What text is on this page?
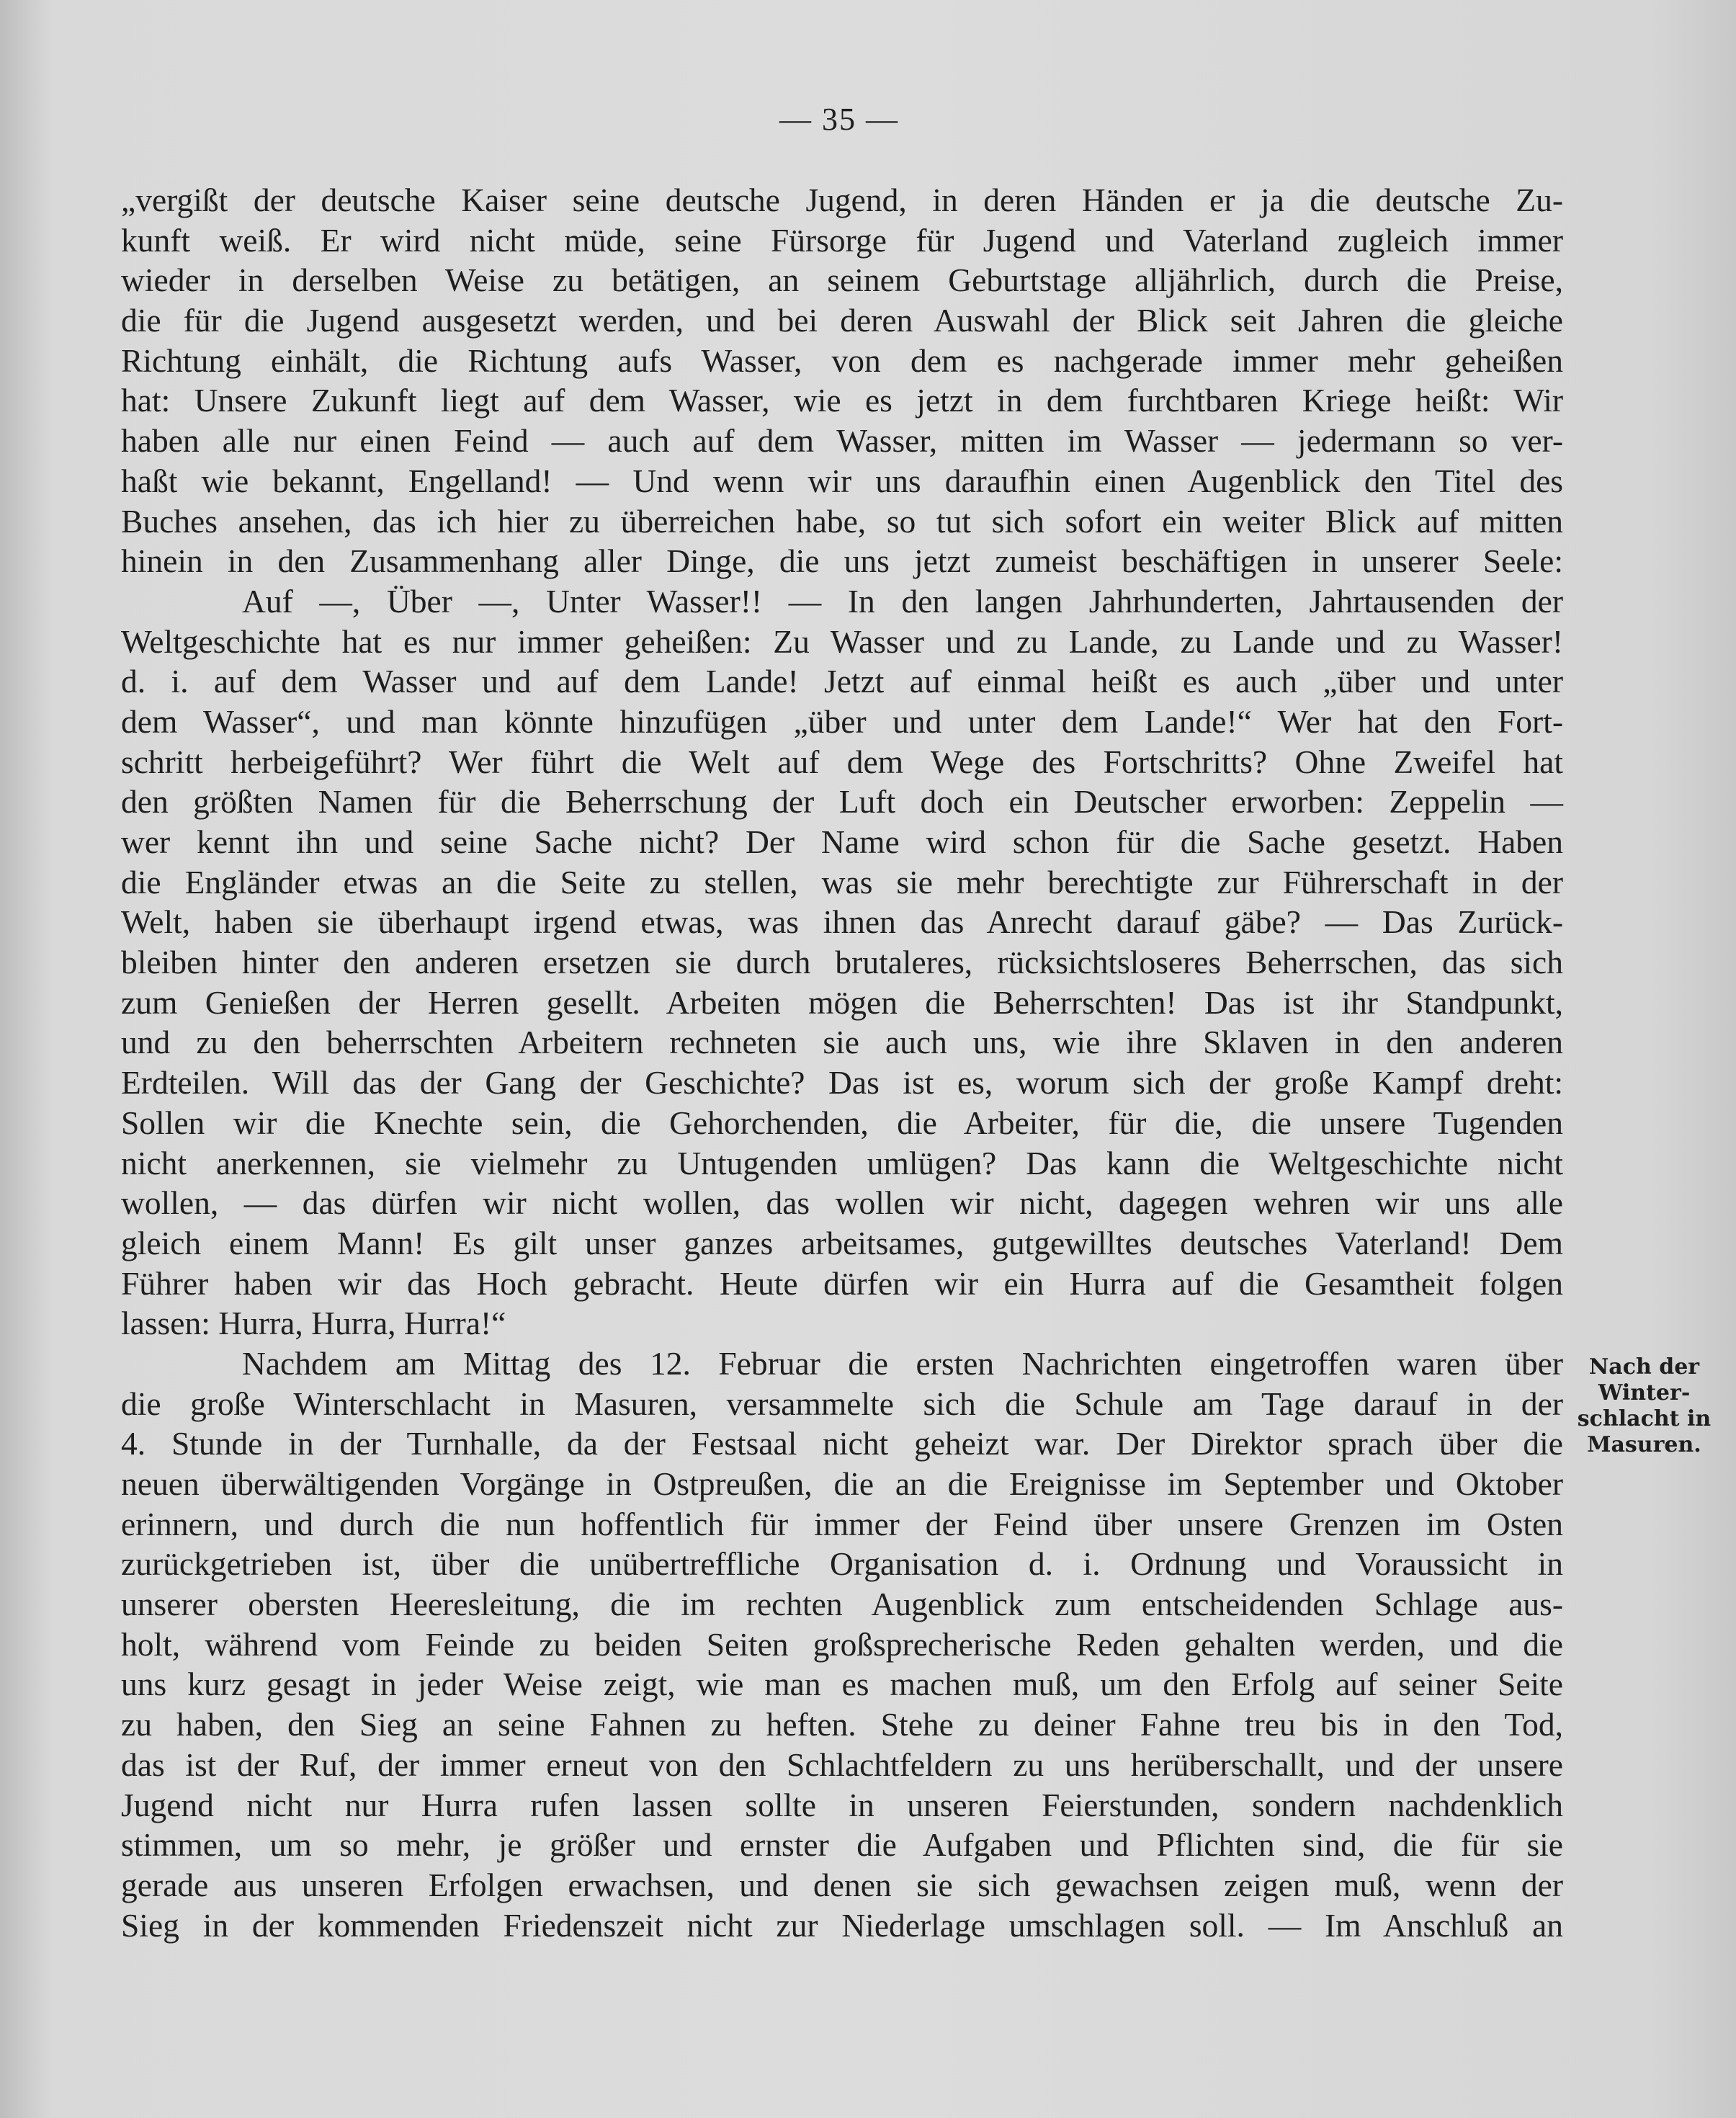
— 35 —
„vergißt der deutsche Kaiser seine deutsche Jugend, in deren Händen er ja die deutsche Zu-
kunft weiß. Er wird nicht müde, seine Fürsorge für Jugend und Vaterland zugleich immer
wieder in derselben Weise zu betätigen, an seinem Geburtstage alljährlich, durch die Preise,
die für die Jugend ausgesetzt werden, und bei deren Auswahl der Blick seit Jahren die gleiche
Richtung einhält, die Richtung aufs Wasser, von dem es nachgerade immer mehr geheißen
hat: Unsere Zukunft liegt auf dem Wasser, wie es jetzt in dem furchtbaren Kriege heißt: Wir
haben alle nur einen Feind — auch auf dem Wasser, mitten im Wasser — jedermann so ver-
haßt wie bekannt, Engelland! — Und wenn wir uns daraufhin einen Augenblick den Titel des
Buches ansehen, das ich hier zu überreichen habe, so tut sich sofort ein weiter Blick auf mitten
hinein in den Zusammenhang aller Dinge, die uns jetzt zumeist beschäftigen in unserer Seele:
Auf —, Über —, Unter Wasser!! — In den langen Jahrhunderten, Jahrtausenden der
Weltgeschichte hat es nur immer geheißen: Zu Wasser und zu Lande, zu Lande und zu Wasser!
d. i. auf dem Wasser und auf dem Lande! Jetzt auf einmal heißt es auch „über und unter
dem Wasser“, und man könnte hinzufügen „über und unter dem Lande!“ Wer hat den Fort-
schritt herbeigeführt? Wer führt die Welt auf dem Wege des Fortschritts? Ohne Zweifel hat
den größten Namen für die Beherrschung der Luft doch ein Deutscher erworben: Zeppelin —
wer kennt ihn und seine Sache nicht? Der Name wird schon für die Sache gesetzt. Haben
die Engländer etwas an die Seite zu stellen, was sie mehr berechtigte zur Führerschaft in der
Welt, haben sie überhaupt irgend etwas, was ihnen das Anrecht darauf gäbe? — Das Zurück-
bleiben hinter den anderen ersetzen sie durch brutaleres, rücksichtsloseres Beherrschen, das sich
zum Genießen der Herren gesellt. Arbeiten mögen die Beherrschten! Das ist ihr Standpunkt,
und zu den beherrschten Arbeitern rechneten sie auch uns, wie ihre Sklaven in den anderen
Erdteilen. Will das der Gang der Geschichte? Das ist es, worum sich der große Kampf dreht:
Sollen wir die Knechte sein, die Gehorchenden, die Arbeiter, für die, die unsere Tugenden
nicht anerkennen, sie vielmehr zu Untugenden umlügen? Das kann die Weltgeschichte nicht
wollen, — das dürfen wir nicht wollen, das wollen wir nicht, dagegen wehren wir uns alle
gleich einem Mann! Es gilt unser ganzes arbeitsames, gutgewilltes deutsches Vaterland! Dem
Führer haben wir das Hoch gebracht. Heute dürfen wir ein Hurra auf die Gesamtheit folgen
lassen: Hurra, Hurra, Hurra!“
Nachdem am Mittag des 12. Februar die ersten Nachrichten eingetroffen waren über
die große Winterschlacht in Masuren, versammelte sich die Schule am Tage darauf in der
4. Stunde in der Turnhalle, da der Festsaal nicht geheizt war. Der Direktor sprach über die
neuen überwältigenden Vorgänge in Ostpreußen, die an die Ereignisse im September und Oktober
erinnern, und durch die nun hoffentlich für immer der Feind über unsere Grenzen im Osten
zurückgetrieben ist, über die unübertreffliche Organisation d. i. Ordnung und Voraussicht in
unserer obersten Heeresleitung, die im rechten Augenblick zum entscheidenden Schlage aus-
holt, während vom Feinde zu beiden Seiten großsprecherische Reden gehalten werden, und die
uns kurz gesagt in jeder Weise zeigt, wie man es machen muß, um den Erfolg auf seiner Seite
zu haben, den Sieg an seine Fahnen zu heften. Stehe zu deiner Fahne treu bis in den Tod,
das ist der Ruf, der immer erneut von den Schlachtfeldern zu uns herüberschallt, und der unsere
Jugend nicht nur Hurra rufen lassen sollte in unseren Feierstunden, sondern nachdenklich
stimmen, um so mehr, je größer und ernster die Aufgaben und Pflichten sind, die für sie
gerade aus unseren Erfolgen erwachsen, und denen sie sich gewachsen zeigen muß, wenn der
Sieg in der kommenden Friedenszeit nicht zur Niederlage umschlagen soll. — Im Anschluß an
Nach der
Winter-
schlacht in
Masuren.
